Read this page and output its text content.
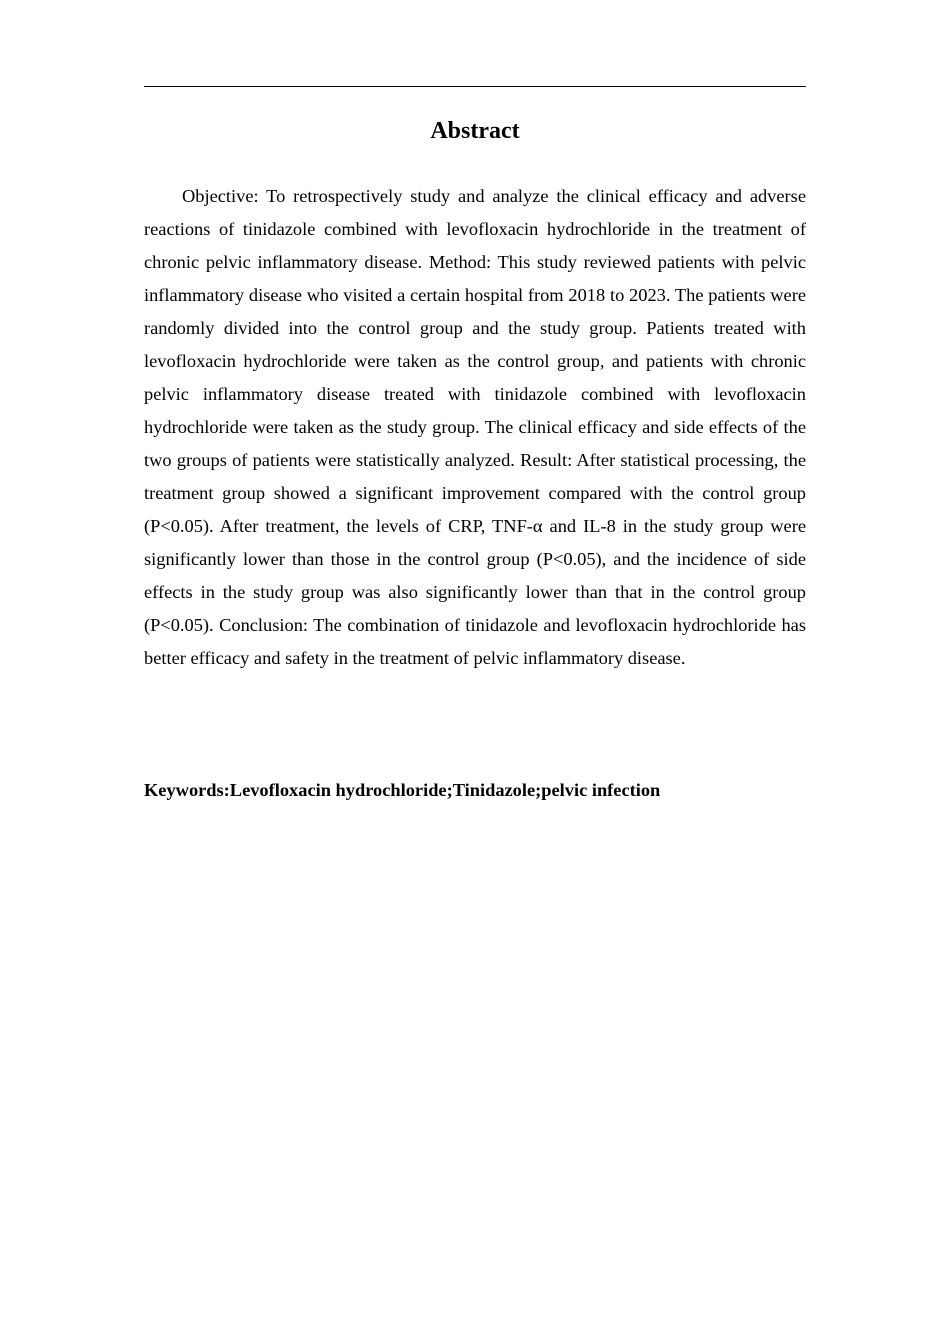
Abstract

Objective: To retrospectively study and analyze the clinical efficacy and adverse reactions of tinidazole combined with levofloxacin hydrochloride in the treatment of chronic pelvic inflammatory disease. Method: This study reviewed patients with pelvic inflammatory disease who visited a certain hospital from 2018 to 2023. The patients were randomly divided into the control group and the study group. Patients treated with levofloxacin hydrochloride were taken as the control group, and patients with chronic pelvic inflammatory disease treated with tinidazole combined with levofloxacin hydrochloride were taken as the study group. The clinical efficacy and side effects of the two groups of patients were statistically analyzed. Result: After statistical processing, the treatment group showed a significant improvement compared with the control group (P<0.05). After treatment, the levels of CRP, TNF-α and IL-8 in the study group were significantly lower than those in the control group (P<0.05), and the incidence of side effects in the study group was also significantly lower than that in the control group (P<0.05). Conclusion: The combination of tinidazole and levofloxacin hydrochloride has better efficacy and safety in the treatment of pelvic inflammatory disease.

Keywords:Levofloxacin hydrochloride;Tinidazole;pelvic infection
